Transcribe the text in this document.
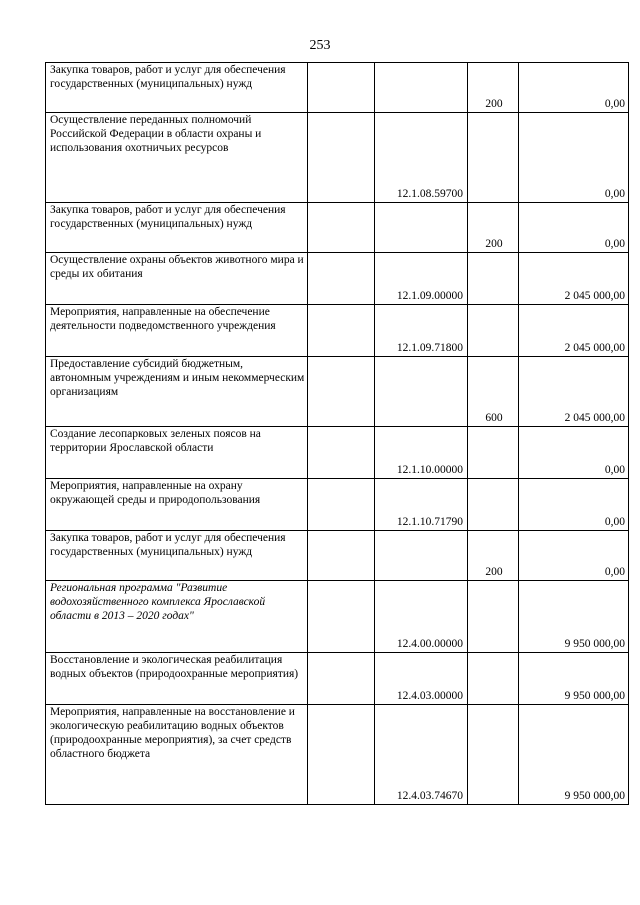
253
Закупка товаров, работ и услуг для обеспечения государственных (муниципальных) нужд			200	0,00
Осуществление переданных полномочий Российской Федерации в области охраны и использования охотничьих ресурсов		12.1.08.59700		0,00
Закупка товаров, работ и услуг для обеспечения государственных (муниципальных) нужд			200	0,00
Осуществление охраны объектов животного мира и среды их обитания		12.1.09.00000		2 045 000,00
Мероприятия, направленные на обеспечение деятельности подведомственного учреждения		12.1.09.71800		2 045 000,00
Предоставление субсидий бюджетным, автономным учреждениям и иным некоммерческим организациям			600	2 045 000,00
Создание лесопарковых зеленых поясов на территории Ярославской области		12.1.10.00000		0,00
Мероприятия, направленные на охрану окружающей среды и природопользования		12.1.10.71790		0,00
Закупка товаров, работ и услуг для обеспечения государственных (муниципальных) нужд			200	0,00
Региональная программа "Развитие водохозяйственного комплекса Ярославской области в 2013 – 2020 годах"		12.4.00.00000		9 950 000,00
Восстановление и экологическая реабилитация водных объектов (природоохранные мероприятия)		12.4.03.00000		9 950 000,00
Мероприятия, направленные на восстановление и экологическую реабилитацию водных объектов (природоохранные мероприятия), за счет средств областного бюджета		12.4.03.74670		9 950 000,00
